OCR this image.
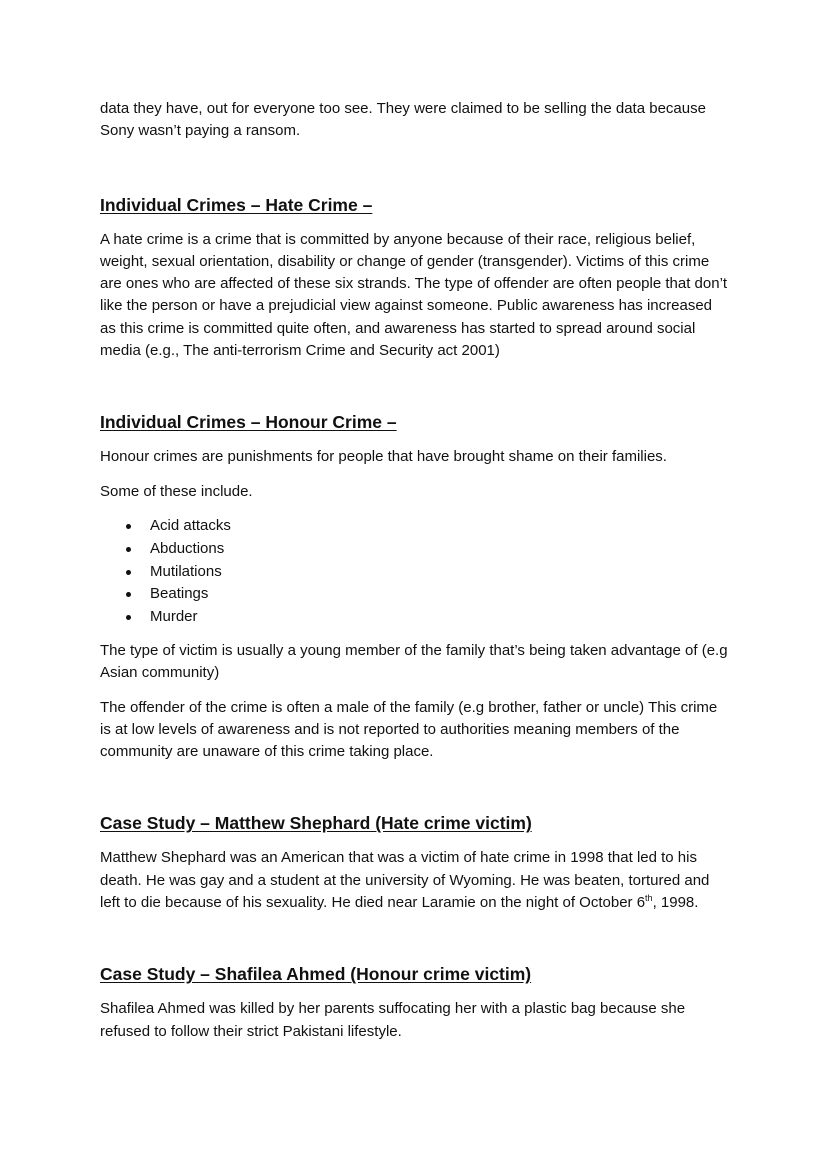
data they have, out for everyone too see. They were claimed to be selling the data because Sony wasn’t paying a ransom.

Individual Crimes – Hate Crime –

A hate crime is a crime that is committed by anyone because of their race, religious belief, weight, sexual orientation, disability or change of gender (transgender). Victims of this crime are ones who are affected of these six strands. The type of offender are often people that don’t like the person or have a prejudicial view against someone. Public awareness has increased as this crime is committed quite often, and awareness has started to spread around social media (e.g., The anti-terrorism Crime and Security act 2001)

Individual Crimes – Honour Crime –

Honour crimes are punishments for people that have brought shame on their families.

Some of these include.

Acid attacks
Abductions
Mutilations
Beatings
Murder

The type of victim is usually a young member of the family that’s being taken advantage of (e.g Asian community)

The offender of the crime is often a male of the family (e.g brother, father or uncle) This crime is at low levels of awareness and is not reported to authorities meaning members of the community are unaware of this crime taking place.

Case Study – Matthew Shephard (Hate crime victim)

Matthew Shephard was an American that was a victim of hate crime in 1998 that led to his death. He was gay and a student at the university of Wyoming. He was beaten, tortured and left to die because of his sexuality. He died near Laramie on the night of October 6th, 1998.

Case Study – Shafilea Ahmed (Honour crime victim)

Shafilea Ahmed was killed by her parents suffocating her with a plastic bag because she refused to follow their strict Pakistani lifestyle.
